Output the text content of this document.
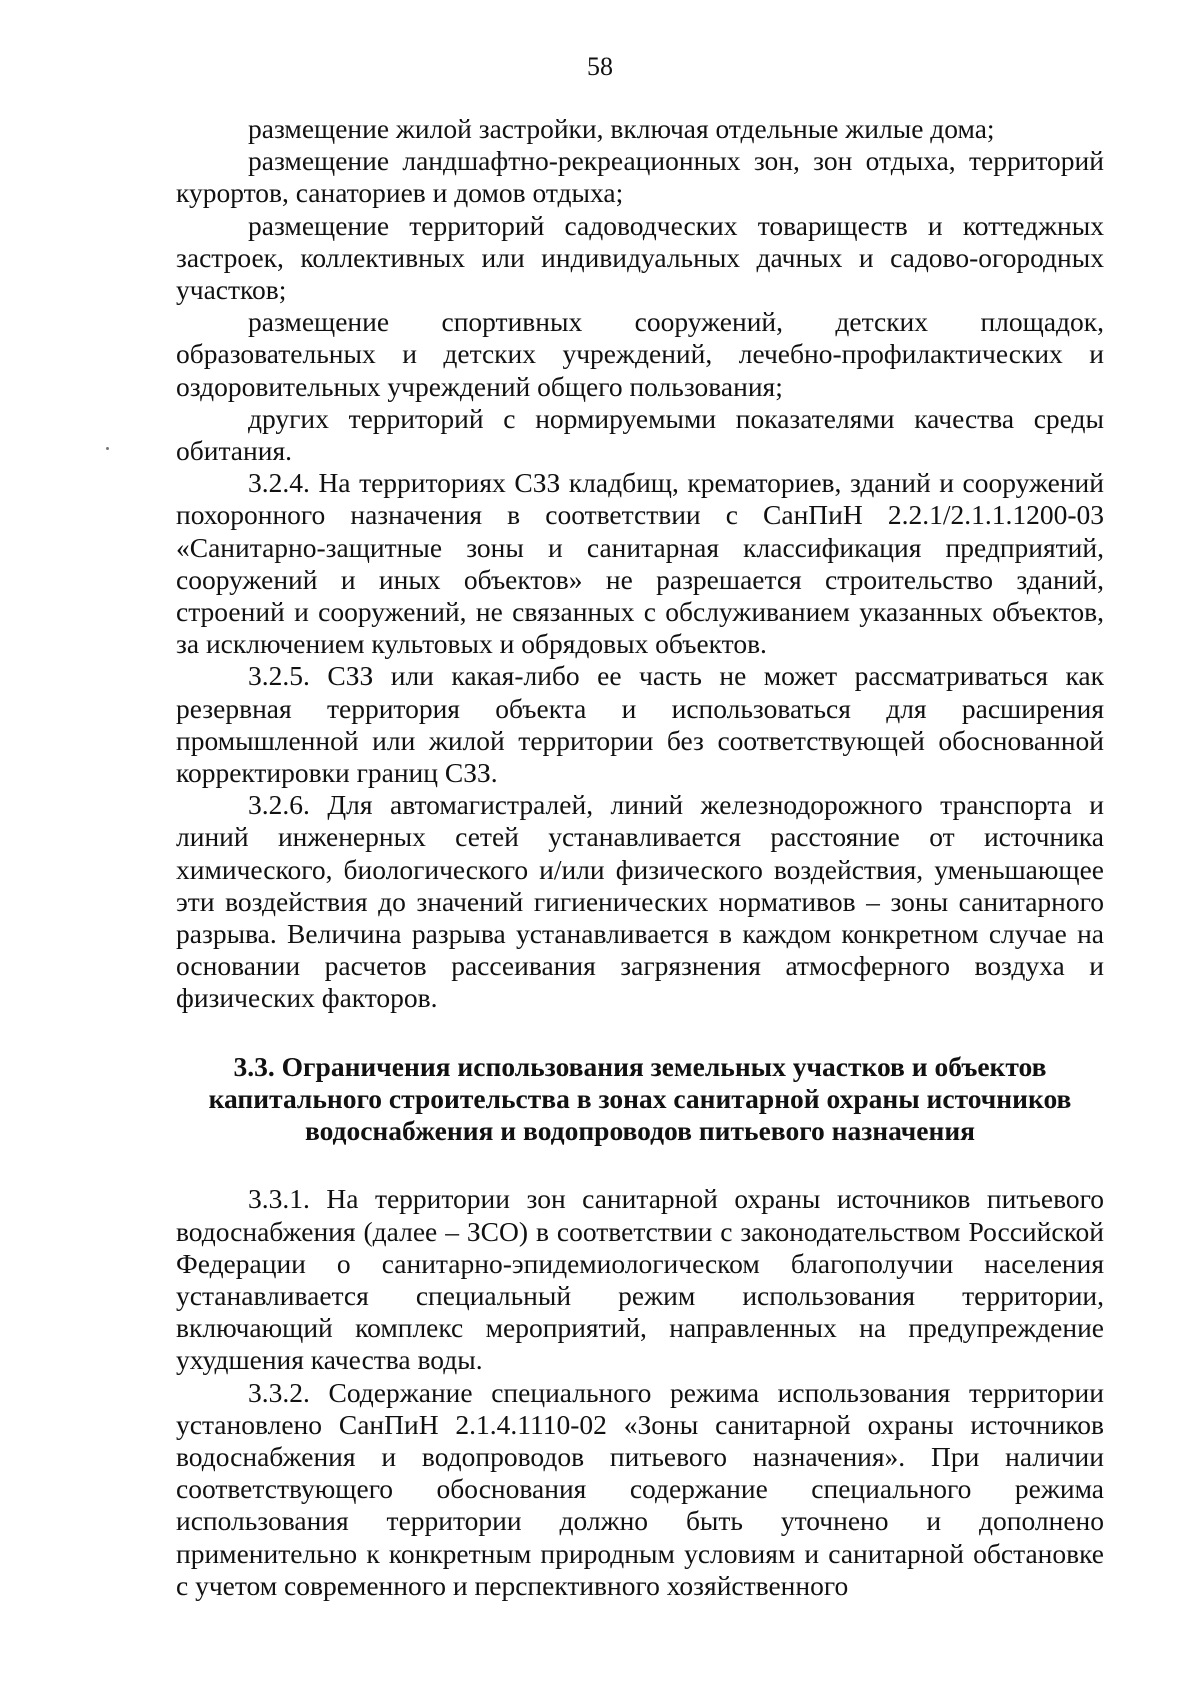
58

размещение жилой застройки, включая отдельные жилые дома;

размещение ландшафтно-рекреационных зон, зон отдыха, территорий курортов, санаториев и домов отдыха;

размещение территорий садоводческих товариществ и коттеджных застроек, коллективных или индивидуальных дачных и садово-огородных участков;

размещение спортивных сооружений, детских площадок, образовательных и детских учреждений, лечебно-профилактических и оздоровительных учреждений общего пользования;

других территорий с нормируемыми показателями качества среды обитания.

3.2.4. На территориях СЗЗ кладбищ, крематориев, зданий и сооружений похоронного назначения в соответствии с СанПиН 2.2.1/2.1.1.1200-03 «Санитарно-защитные зоны и санитарная классификация предприятий, сооружений и иных объектов» не разрешается строительство зданий, строений и сооружений, не связанных с обслуживанием указанных объектов, за исключением культовых и обрядовых объектов.

3.2.5. СЗЗ или какая-либо ее часть не может рассматриваться как резервная территория объекта и использоваться для расширения промышленной или жилой территории без соответствующей обоснованной корректировки границ СЗЗ.

3.2.6. Для автомагистралей, линий железнодорожного транспорта и линий инженерных сетей устанавливается расстояние от источника химического, биологического и/или физического воздействия, уменьшающее эти воздействия до значений гигиенических нормативов – зоны санитарного разрыва. Величина разрыва устанавливается в каждом конкретном случае на основании расчетов рассеивания загрязнения атмосферного воздуха и физических факторов.

3.3. Ограничения использования земельных участков и объектов

капитального строительства в зонах санитарной охраны источников

водоснабжения и водопроводов питьевого назначения

3.3.1. На территории зон санитарной охраны источников питьевого водоснабжения (далее – ЗСО) в соответствии с законодательством Российской Федерации о санитарно-эпидемиологическом благополучии населения устанавливается специальный режим использования территории, включающий комплекс мероприятий, направленных на предупреждение ухудшения качества воды.

3.3.2. Содержание специального режима использования территории установлено СанПиН 2.1.4.1110-02 «Зоны санитарной охраны источников водоснабжения и водопроводов питьевого назначения». При наличии соответствующего обоснования содержание специального режима использования территории должно быть уточнено и дополнено применительно к конкретным природным условиям и санитарной обстановке с учетом современного и перспективного хозяйственного
